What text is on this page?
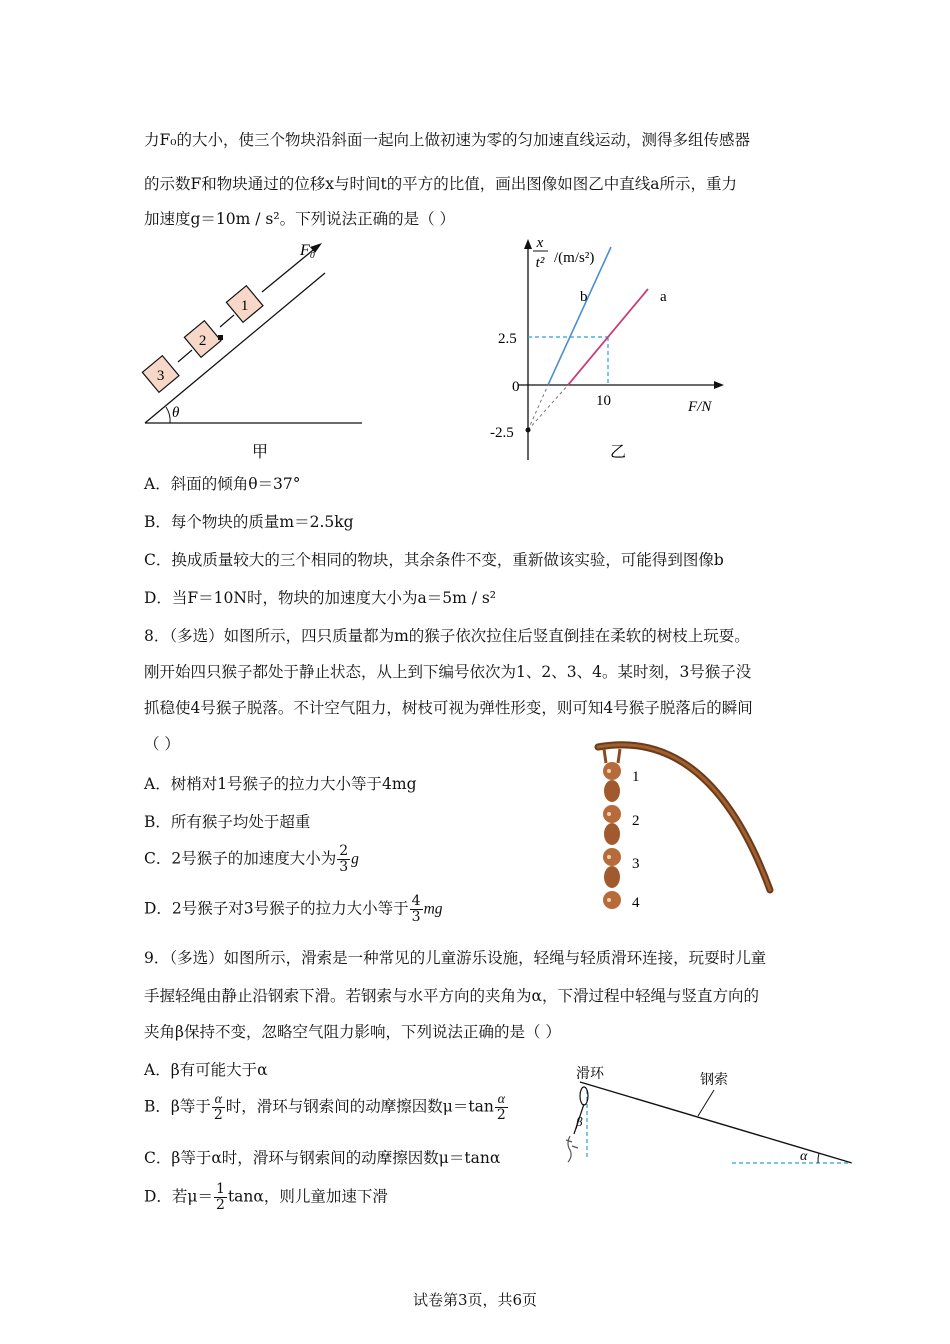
力F₀的大小，使三个物块沿斜面一起向上做初速为零的匀加速直线运动，测得多组传感器
的示数F和物块通过的位移x与时间t的平方的比值，画出图像如图乙中直线a所示，重力
加速度g＝10m / s²。下列说法正确的是（ ）
θ
3
2
1
F₀
甲
x
t² /(m/s²)
2.5
0
-2.5
10	F/N
b	a
乙
A．斜面的倾角θ＝37°
B．每个物块的质量m＝2.5kg
C．换成质量较大的三个相同的物块，其余条件不变，重新做该实验，可能得到图像b
D．当F＝10N时，物块的加速度大小为a＝5m / s²
8．（多选）如图所示，四只质量都为m的猴子依次拉住后竖直倒挂在柔软的树枝上玩耍。
刚开始四只猴子都处于静止状态，从上到下编号依次为1、2、3、4。某时刻，3号猴子没
抓稳使4号猴子脱落。不计空气阻力，树枝可视为弹性形变，则可知4号猴子脱落后的瞬间
（ ）
A．树梢对1号猴子的拉力大小等于4mg
B．所有猴子均处于超重
C．2号猴子的加速度大小为 $\frac{2}{3}$ g
D．2号猴子对3号猴子的拉力大小等于 $\frac{4}{3}$ mg
1
2
3
4
9．（多选）如图所示，滑索是一种常见的儿童游乐设施，轻绳与轻质滑环连接，玩耍时儿童
手握轻绳由静止沿钢索下滑。若钢索与水平方向的夹角为α，下滑过程中轻绳与竖直方向的
夹角β保持不变，忽略空气阻力影响，下列说法正确的是（ ）
A．β有可能大于α
B．β等于 $\frac{\alpha}{2}$ 时，滑环与钢索间的动摩擦因数$\mu=\tan \frac{\alpha}{2}$
C．β等于α时，滑环与钢索间的动摩擦因数μ＝tanα
D．若$\mu= \frac{1}{2}$ tanα，则儿童加速下滑
α
β
滑环	钢索
试卷第3页，共6页
